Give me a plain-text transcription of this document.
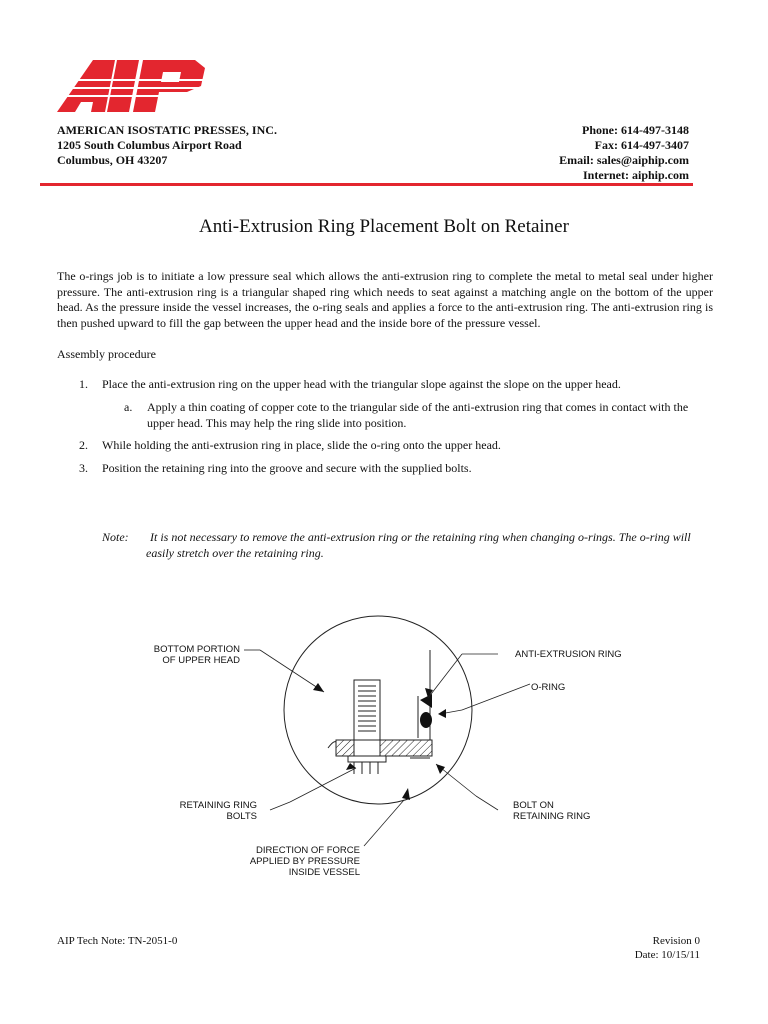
AIP
AMERICAN ISOSTATIC PRESSES, INC.
1205 South Columbus Airport Road
Columbus, OH 43207
Phone: 614-497-3148
Fax: 614-497-3407
Email: sales@aiphip.com
Internet: aiphip.com
Anti-Extrusion Ring Placement Bolt on Retainer
The o-rings job is to initiate a low pressure seal which allows the anti-extrusion ring to complete the metal to metal seal under higher pressure. The anti-extrusion ring is a triangular shaped ring which needs to seat against a matching angle on the bottom of the upper head. As the pressure inside the vessel increases, the o-ring seals and applies a force to the anti-extrusion ring. The anti-extrusion ring is then pushed upward to fill the gap between the upper head and the inside bore of the pressure vessel.
Assembly procedure
1. Place the anti-extrusion ring on the upper head with the triangular slope against the slope on the upper head.
a. Apply a thin coating of copper cote to the triangular side of the anti-extrusion ring that comes in contact with the upper head. This may help the ring slide into position.
2. While holding the anti-extrusion ring in place, slide the o-ring onto the upper head.
3. Position the retaining ring into the groove and secure with the supplied bolts.
Note:	It is not necessary to remove the anti-extrusion ring or the retaining ring when changing o-rings. The o-ring will easily stretch over the retaining ring.
BOTTOM PORTION
OF UPPER HEAD
ANTI-EXTRUSION RING
O-RING
RETAINING RING
BOLTS
BOLT ON
RETAINING RING
DIRECTION OF FORCE
APPLIED BY PRESSURE
INSIDE VESSEL
AIP Tech Note: TN-2051-0	Revision 0
Date: 10/15/11
